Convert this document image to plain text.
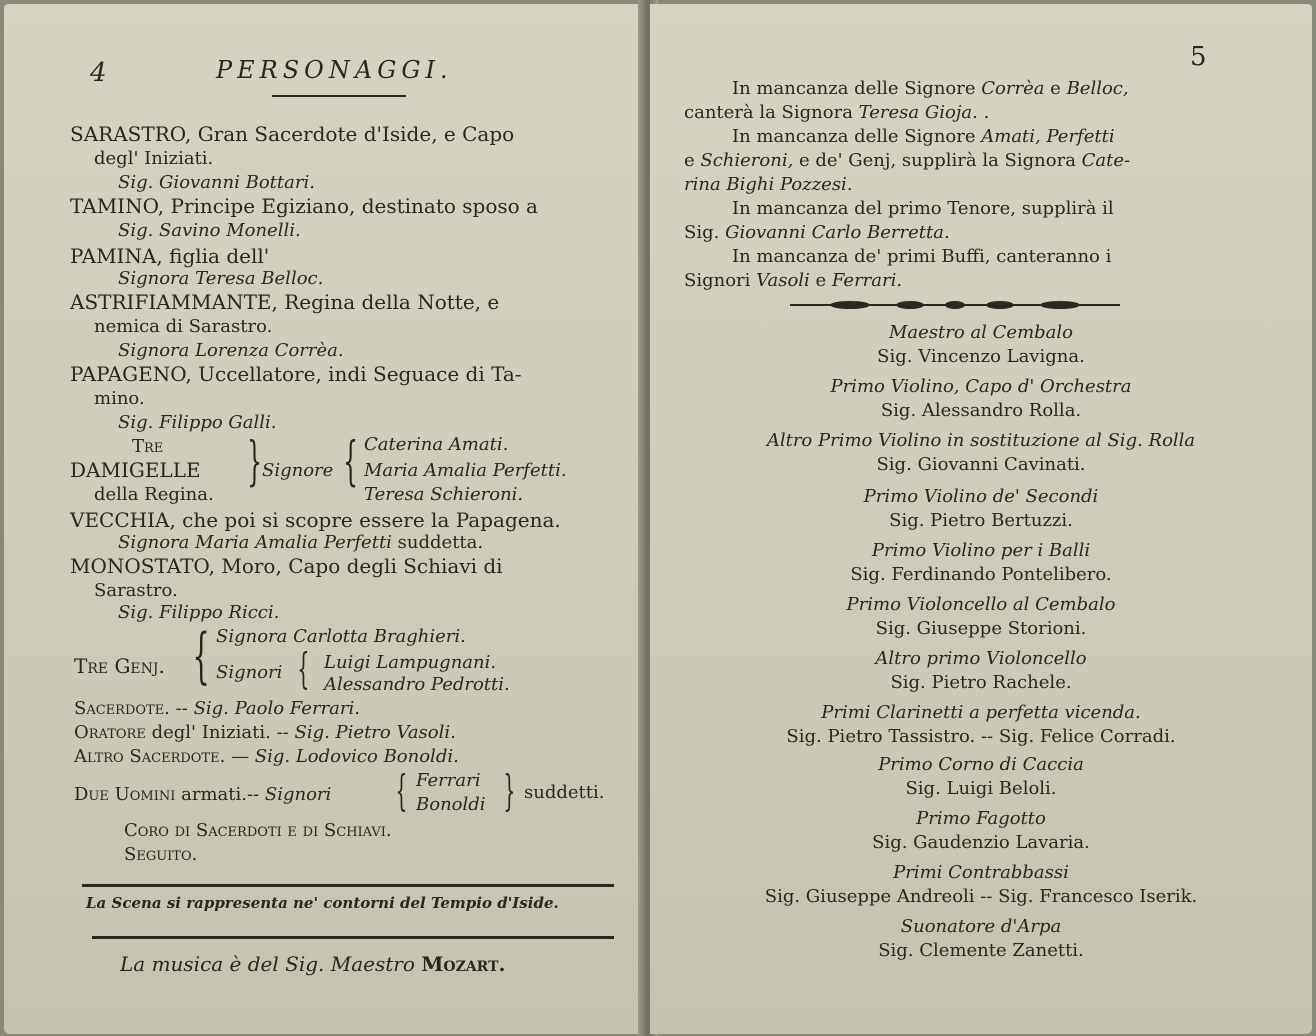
4	PERSONAGGI.
SARASTRO, Gran Sacerdote d'Iside, e Capo
degl' Iniziati.
Sig. Giovanni Bottari.
TAMINO, Principe Egiziano, destinato sposo a
Sig. Savino Monelli.
PAMINA, figlia dell'
Signora Teresa Belloc.
ASTRIFIAMMANTE, Regina della Notte, e
nemica di Sarastro.
Signora Lorenza Corrèa.
PAPAGENO, Uccellatore, indi Seguace di Ta-
mino.
Sig. Filippo Galli.
Tre
DAMIGELLE
della Regina.
} Signore { Caterina Amati.
Maria Amalia Perfetti.
Teresa Schieroni.
VECCHIA, che poi si scopre essere la Papagena.
Signora Maria Amalia Perfetti suddetta.
MONOSTATO, Moro, Capo degli Schiavi di
Sarastro.
Sig. Filippo Ricci.
Tre Genj. { Signora Carlotta Braghieri.
Signori { Luigi Lampugnani.
Alessandro Pedrotti.
Sacerdote. -- Sig. Paolo Ferrari.
Oratore degl' Iniziati. -- Sig. Pietro Vasoli.
Altro Sacerdote. — Sig. Lodovico Bonoldi.
Due Uomini armati.-- Signori { Ferrari
Bonoldi } suddetti.
Coro di Sacerdoti e di Schiavi.
Seguito.
La Scena si rappresenta ne' contorni del Tempio d'Iside.
La musica è del Sig. Maestro Mozart.
5
In mancanza delle Signore Corrèa e Belloc,
canterà la Signora Teresa Gioja. .
In mancanza delle Signore Amati, Perfetti
e Schieroni, e de' Genj, supplirà la Signora Cate-
rina Bighi Pozzesi.
In mancanza del primo Tenore, supplirà il
Sig. Giovanni Carlo Berretta.
In mancanza de' primi Buffi, canteranno i
Signori Vasoli e Ferrari.
Maestro al Cembalo
Sig. Vincenzo Lavigna.
Primo Violino, Capo d' Orchestra
Sig. Alessandro Rolla.
Altro Primo Violino in sostituzione al Sig. Rolla
Sig. Giovanni Cavinati.
Primo Violino de' Secondi
Sig. Pietro Bertuzzi.
Primo Violino per i Balli
Sig. Ferdinando Pontelibero.
Primo Violoncello al Cembalo
Sig. Giuseppe Storioni.
Altro primo Violoncello
Sig. Pietro Rachele.
Primi Clarinetti a perfetta vicenda.
Sig. Pietro Tassistro. -- Sig. Felice Corradi.
Primo Corno di Caccia
Sig. Luigi Beloli.
Primo Fagotto
Sig. Gaudenzio Lavaria.
Primi Contrabbassi
Sig. Giuseppe Andreoli -- Sig. Francesco Iserik.
Suonatore d'Arpa
Sig. Clemente Zanetti.
